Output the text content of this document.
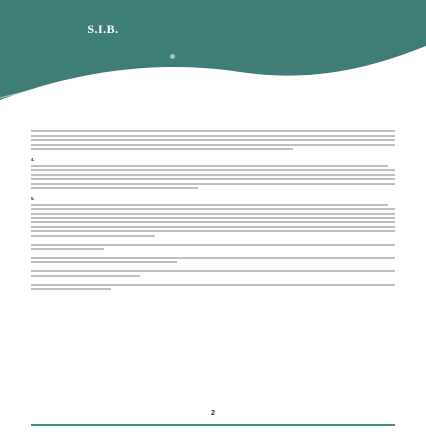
S.I.B.
4.
5.
2
